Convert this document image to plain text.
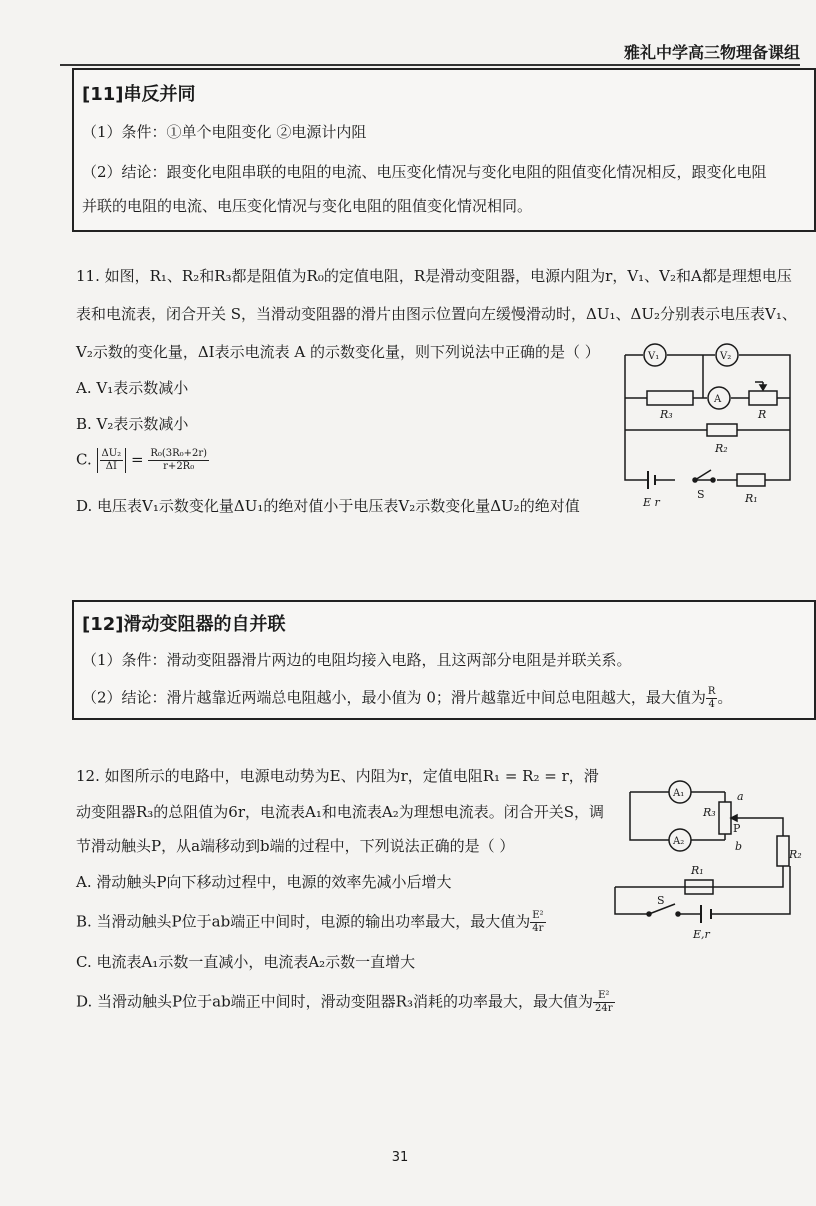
雅礼中学高三物理备课组
[11]串反并同
（1）条件：①单个电阻变化 ②电源计内阻
（2）结论：跟变化电阻串联的电阻的电流、电压变化情况与变化电阻的阻值变化情况相反，跟变化电阻
并联的电阻的电流、电压变化情况与变化电阻的阻值变化情况相同。
11. 如图，R₁、R₂和R₃都是阻值为R₀的定值电阻，R是滑动变阻器，电源内阻为r，V₁、V₂和A都是理想电压
表和电流表，闭合开关 S，当滑动变阻器的滑片由图示位置向左缓慢滑动时，ΔU₁、ΔU₂分别表示电压表V₁、
V₂示数的变化量，ΔI表示电流表 A 的示数变化量，则下列说法中正确的是（ ）
A. V₁表示数减小
B. V₂表示数减小
C. $\frac{\text{ΔU₂}}{\Delta I} = \frac{\text{R₀(3R₀+2r)}}{\text{r+2R₀}}$
D. 电压表V₁示数变化量ΔU₁的绝对值小于电压表V₂示数变化量ΔU₂的绝对值
V₁	V₂
A
R₃	R
R₂
E r
S	R₁
[12]滑动变阻器的自并联
（1）条件：滑动变阻器滑片两边的电阻均接入电路，且这两部分电阻是并联关系。
（2）结论：滑片越靠近两端总电阻越小，最小值为 0；滑片越靠近中间总电阻越大，最大值为 $\frac{R}{4}$ 。
12. 如图所示的电路中，电源电动势为E、内阻为r，定值电阻R₁ = R₂ = r，滑
动变阻器R₃的总阻值为6r，电流表A₁和电流表A₂为理想电流表。闭合开关S，调
节滑动触头P，从a端移动到b端的过程中，下列说法正确的是（ ）
A. 滑动触头P向下移动过程中，电源的效率先减小后增大
B. 当滑动触头P位于ab端正中间时，电源的输出功率最大，最大值为 $\frac{\text{E²}}{4r}$
C. 电流表A₁示数一直减小，电流表A₂示数一直增大
D. 当滑动触头P位于ab端正中间时，滑动变阻器R₃消耗的功率最大，最大值为 $\frac{\text{E²}}{24r}$
A₁
A₂
R₃
P
a
b
R₂
R₁
S
E,r
31
